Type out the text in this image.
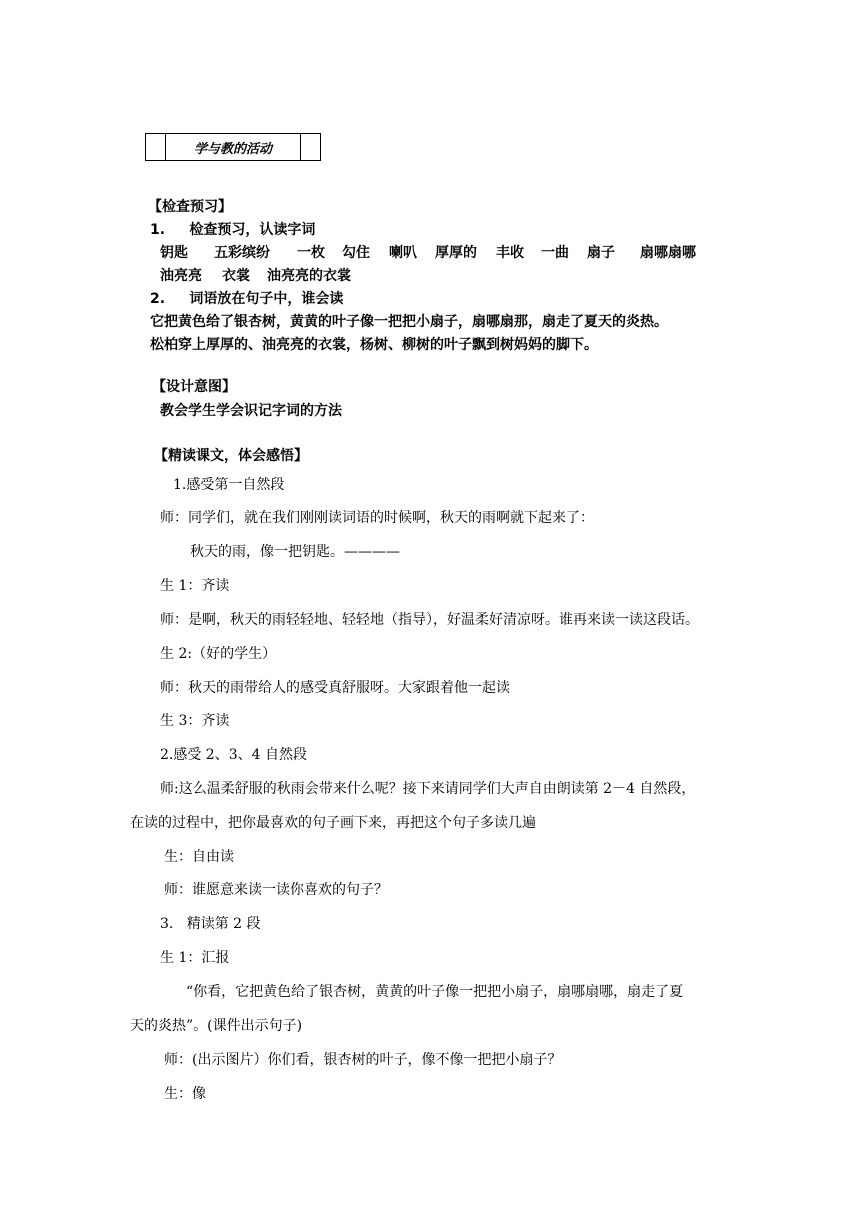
学与教的活动
【检查预习】
1.     检查预习，认读字词
钥匙 五彩缤纷 一枚 勾住 喇叭 厚厚的 丰收 一曲 扇子 扇哪扇哪
油亮亮 衣裳 油亮亮的衣裳
2.     词语放在句子中，谁会读
它把黄色给了银杏树，黄黄的叶子像一把把小扇子，扇哪扇那，扇走了夏天的炎热。
松柏穿上厚厚的、油亮亮的衣裳，杨树、柳树的叶子飘到树妈妈的脚下。
【设计意图】
教会学生学会识记字词的方法
【精读课文，体会感悟】
1.感受第一自然段
师：同学们，就在我们刚刚读词语的时候啊，秋天的雨啊就下起来了：
秋天的雨，像一把钥匙。————
生 1：齐读
师：是啊，秋天的雨轻轻地、轻轻地（指导），好温柔好清凉呀。谁再来读一读这段话。
生 2:（好的学生）
师：秋天的雨带给人的感受真舒服呀。大家跟着他一起读
生 3：齐读
2.感受 2、3、4 自然段
师:这么温柔舒服的秋雨会带来什么呢？接下来请同学们大声自由朗读第 2－4 自然段，
在读的过程中，把你最喜欢的句子画下来，再把这个句子多读几遍
生：自由读
师：谁愿意来读一读你喜欢的句子？
3.   精读第 2 段
生 1：汇报
“你看，它把黄色给了银杏树，黄黄的叶子像一把把小扇子，扇哪扇哪，扇走了夏
天的炎热”。(课件出示句子)
师：(出示图片）你们看，银杏树的叶子，像不像一把把小扇子？
生：像
